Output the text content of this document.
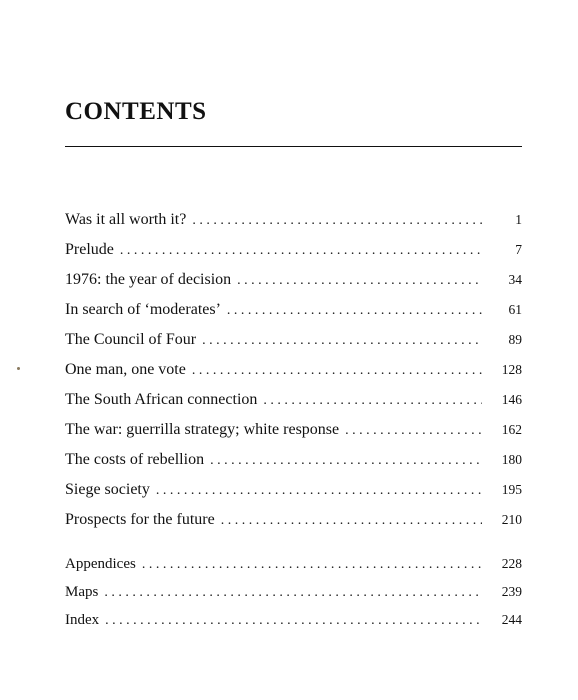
CONTENTS
Was it all worth it? . . .	1
Prelude . . .	7
1976: the year of decision . . .	34
In search of ‘moderates’ . . .	61
The Council of Four . . .	89
One man, one vote . . .	128
The South African connection . . .	146
The war: guerrilla strategy; white response . . .	162
The costs of rebellion . . .	180
Siege society . . .	195
Prospects for the future . . .	210
Appendices . . .	228
Maps . . .	239
Index . . .	244
